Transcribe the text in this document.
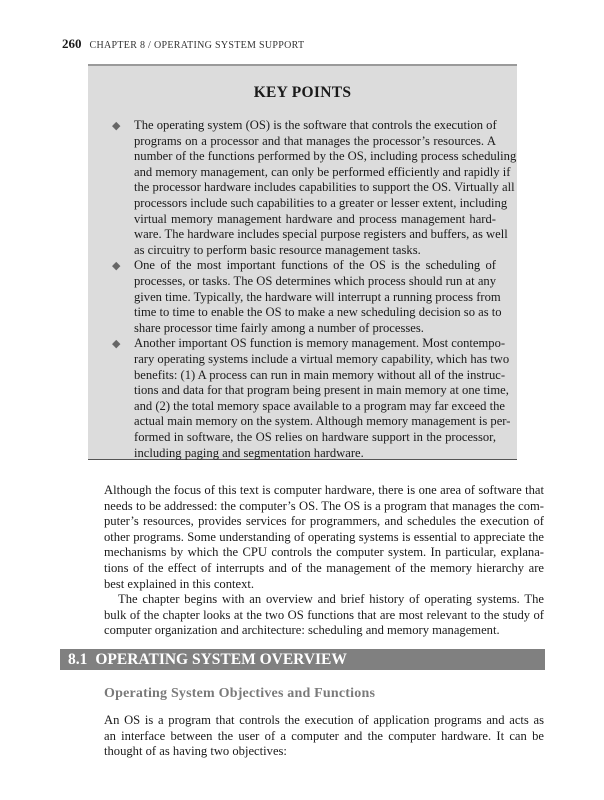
260 CHAPTER 8 / OPERATING SYSTEM SUPPORT
KEY POINTS
◆ The operating system (OS) is the software that controls the execution of
programs on a processor and that manages the processor’s resources. A
number of the functions performed by the OS, including process scheduling
and memory management, can only be performed efficiently and rapidly if
the processor hardware includes capabilities to support the OS. Virtually all
processors include such capabilities to a greater or lesser extent, including
virtual memory management hardware and process management hard-
ware. The hardware includes special purpose registers and buffers, as well
as circuitry to perform basic resource management tasks.
◆ One of the most important functions of the OS is the scheduling of
processes, or tasks. The OS determines which process should run at any
given time. Typically, the hardware will interrupt a running process from
time to time to enable the OS to make a new scheduling decision so as to
share processor time fairly among a number of processes.
◆ Another important OS function is memory management. Most contempo-
rary operating systems include a virtual memory capability, which has two
benefits: (1) A process can run in main memory without all of the instruc-
tions and data for that program being present in main memory at one time,
and (2) the total memory space available to a program may far exceed the
actual main memory on the system. Although memory management is per-
formed in software, the OS relies on hardware support in the processor,
including paging and segmentation hardware.
8.1 OPERATING SYSTEM OVERVIEW
Operating System Objectives and Functions
Although the focus of this text is computer hardware, there is one area of software that
needs to be addressed: the computer’s OS. The OS is a program that manages the com-
puter’s resources, provides services for programmers, and schedules the execution of
other programs. Some understanding of operating systems is essential to appreciate the
mechanisms by which the CPU controls the computer system. In particular, explana-
tions of the effect of interrupts and of the management of the memory hierarchy are
best explained in this context.
The chapter begins with an overview and brief history of operating systems. The
bulk of the chapter looks at the two OS functions that are most relevant to the study of
computer organization and architecture: scheduling and memory management.
An OS is a program that controls the execution of application programs and acts as
an interface between the user of a computer and the computer hardware. It can be
thought of as having two objectives:
